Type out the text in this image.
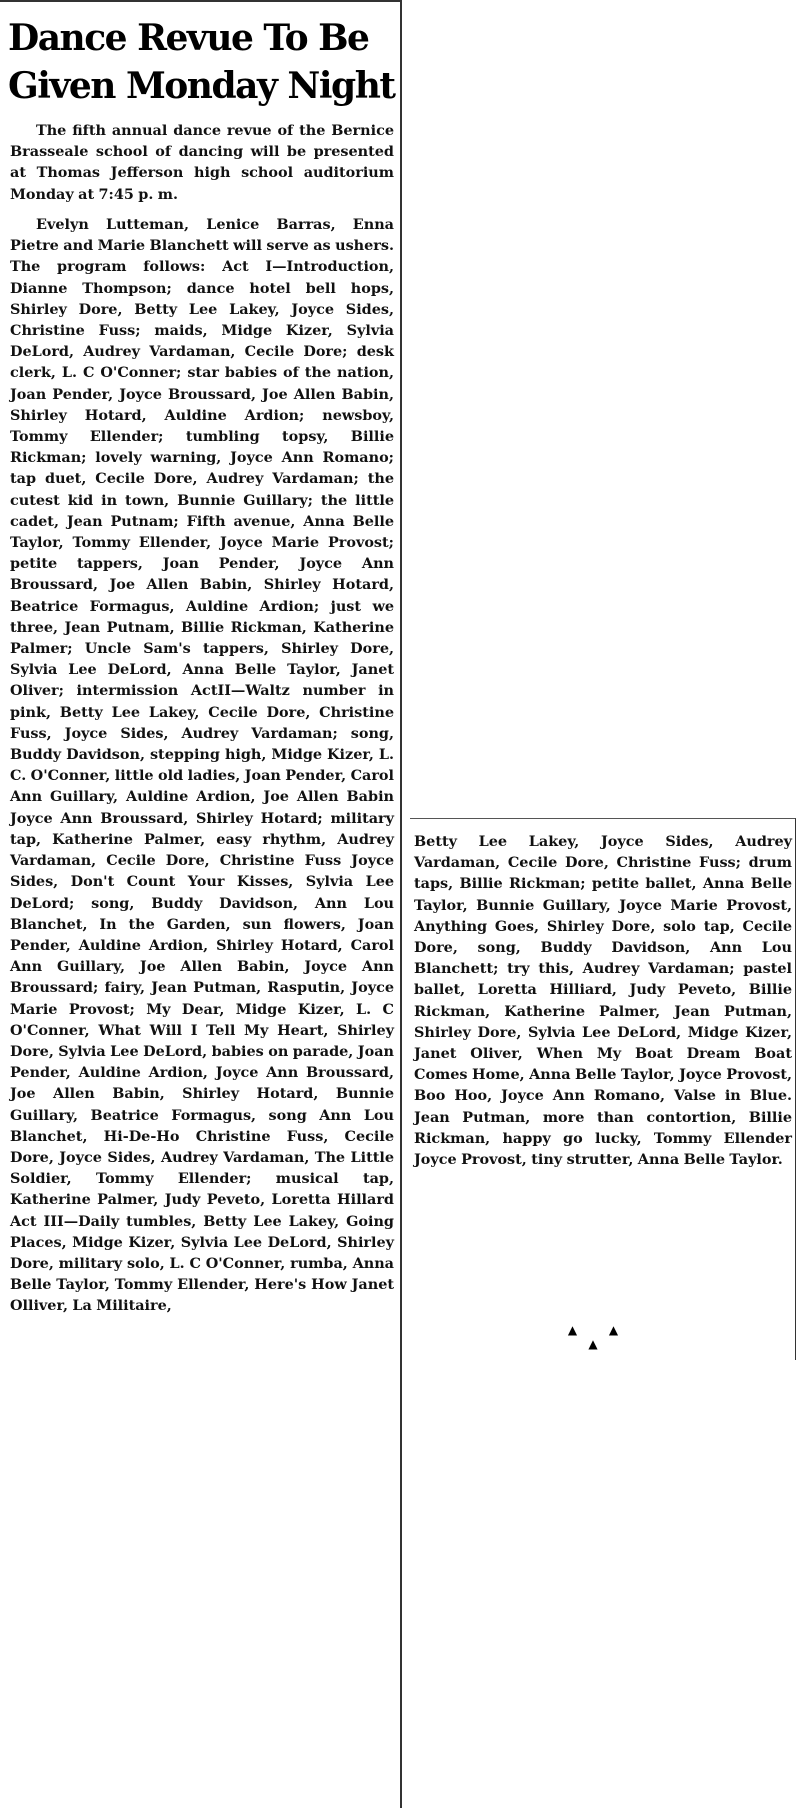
Dance Revue To Be Given Monday Night
The fifth annual dance revue of the Bernice Brasseale school of dancing will be presented at Thomas Jefferson high school auditorium Monday at 7:45 p. m.
Evelyn Lutteman, Lenice Barras, Enna Pietre and Marie Blanchett will serve as ushers. The program follows: Act I—Introduction, Dianne Thompson; dance hotel bell hops, Shirley Dore, Betty Lee Lakey, Joyce Sides, Christine Fuss; maids, Midge Kizer, Sylvia DeLord, Audrey Vardaman, Cecile Dore; desk clerk, L. C O'Conner; star babies of the nation, Joan Pender, Joyce Broussard, Joe Allen Babin, Shirley Hotard, Auldine Ardion; newsboy, Tommy Ellender; tumbling topsy, Billie Rickman; lovely warning, Joyce Ann Romano; tap duet, Cecile Dore, Audrey Vardaman; the cutest kid in town, Bunnie Guillary; the little cadet, Jean Putnam; Fifth avenue, Anna Belle Taylor, Tommy Ellender, Joyce Marie Provost; petite tappers, Joan Pender, Joyce Ann Broussard, Joe Allen Babin, Shirley Hotard, Beatrice Formagus, Auldine Ardion; just we three, Jean Putnam, Billie Rickman, Katherine Palmer; Uncle Sam's tappers, Shirley Dore, Sylvia Lee DeLord, Anna Belle Taylor, Janet Oliver; intermission ActII—Waltz number in pink, Betty Lee Lakey, Cecile Dore, Christine Fuss, Joyce Sides, Audrey Vardaman; song, Buddy Davidson, stepping high, Midge Kizer, L. C. O'Conner, little old ladies, Joan Pender, Carol Ann Guillary, Auldine Ardion, Joe Allen Babin Joyce Ann Broussard, Shirley Hotard; military tap, Katherine Palmer, easy rhythm, Audrey Vardaman, Cecile Dore, Christine Fuss Joyce Sides, Don't Count Your Kisses, Sylvia Lee DeLord; song, Buddy Davidson, Ann Lou Blanchet, In the Garden, sun flowers, Joan Pender, Auldine Ardion, Shirley Hotard, Carol Ann Guillary, Joe Allen Babin, Joyce Ann Broussard; fairy, Jean Putman, Rasputin, Joyce Marie Provost; My Dear, Midge Kizer, L. C O'Conner, What Will I Tell My Heart, Shirley Dore, Sylvia Lee DeLord, babies on parade, Joan Pender, Auldine Ardion, Joyce Ann Broussard, Joe Allen Babin, Shirley Hotard, Bunnie Guillary, Beatrice Formagus, song Ann Lou Blanchet, Hi-De-Ho Christine Fuss, Cecile Dore, Joyce Sides, Audrey Vardaman, The Little Soldier, Tommy Ellender; musical tap, Katherine Palmer, Judy Peveto, Loretta Hillard Act III—Daily tumbles, Betty Lee Lakey, Going Places, Midge Kizer, Sylvia Lee DeLord, Shirley Dore, military solo, L. C O'Conner, rumba, Anna Belle Taylor, Tommy Ellender, Here's How Janet Olliver, La Militaire,
Betty Lee Lakey, Joyce Sides, Audrey Vardaman, Cecile Dore, Christine Fuss; drum taps, Billie Rickman; petite ballet, Anna Belle Taylor, Bunnie Guillary, Joyce Marie Provost, Anything Goes, Shirley Dore, solo tap, Cecile Dore, song, Buddy Davidson, Ann Lou Blanchett; try this, Audrey Vardaman; pastel ballet, Loretta Hilliard, Judy Peveto, Billie Rickman, Katherine Palmer, Jean Putman, Shirley Dore, Sylvia Lee DeLord, Midge Kizer, Janet Oliver, When My Boat Dream Boat Comes Home, Anna Belle Taylor, Joyce Provost, Boo Hoo, Joyce Ann Romano, Valse in Blue. Jean Putman, more than contortion, Billie Rickman, happy go lucky, Tommy Ellender Joyce Provost, tiny strutter, Anna Belle Taylor.
▲ ▲ ▲
